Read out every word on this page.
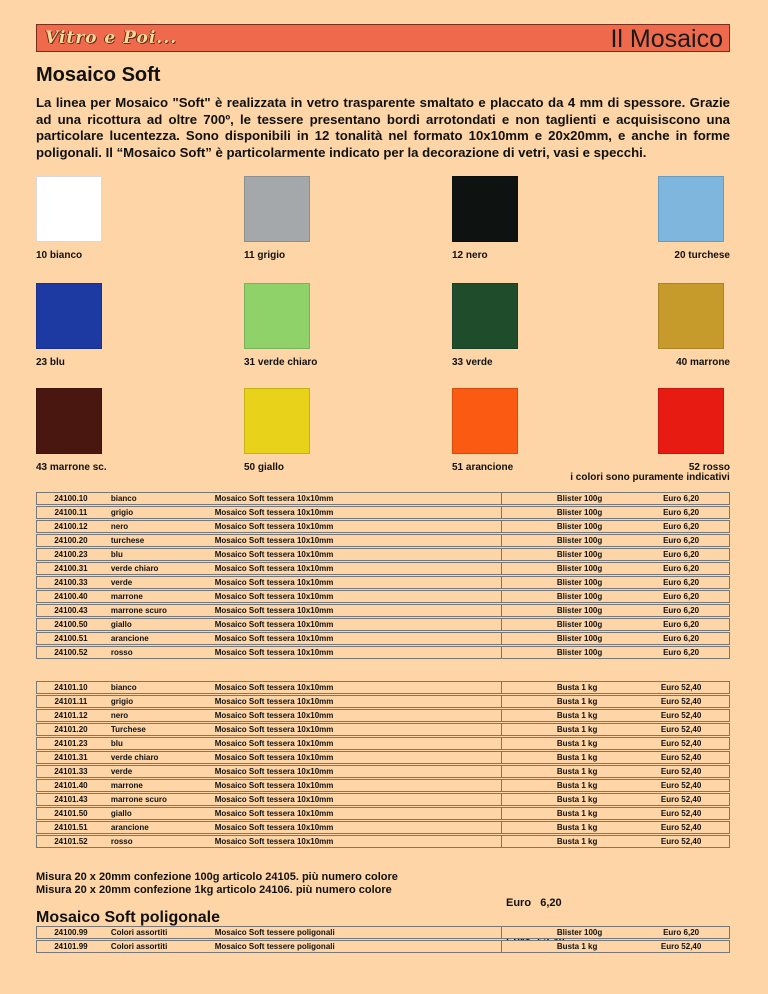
Vitro e Poi...	Il Mosaico
Mosaico Soft

La linea per Mosaico "Soft" è realizzata in vetro trasparente smaltato e placcato da 4 mm di spessore. Grazie ad una ricottura ad oltre 700º, le tessere presentano bordi arrotondati e non taglienti e acquisiscono una particolare lucentezza. Sono disponibili in 12 tonalità nel formato 10x10mm e 20x20mm, e anche in forme poligonali. Il “Mosaico Soft” è particolarmente indicato per la decorazione di vetri, vasi e specchi.

10 bianco	11 grigio	12 nero	20 turchese
23 blu	31 verde chiaro	33 verde	40 marrone
43 marrone sc.	50 giallo	51 arancione	52 rosso
i colori sono puramente indicativi
24100.10	bianco	Mosaico Soft tessera 10x10mm		Blister 100g	Euro 6,20
24100.11	grigio	Mosaico Soft tessera 10x10mm		Blister 100g	Euro 6,20
24100.12	nero	Mosaico Soft tessera 10x10mm		Blister 100g	Euro 6,20
24100.20	turchese	Mosaico Soft tessera 10x10mm		Blister 100g	Euro 6,20
24100.23	blu	Mosaico Soft tessera 10x10mm		Blister 100g	Euro 6,20
24100.31	verde chiaro	Mosaico Soft tessera 10x10mm		Blister 100g	Euro 6,20
24100.33	verde	Mosaico Soft tessera 10x10mm		Blister 100g	Euro 6,20
24100.40	marrone	Mosaico Soft tessera 10x10mm		Blister 100g	Euro 6,20
24100.43	marrone scuro	Mosaico Soft tessera 10x10mm		Blister 100g	Euro 6,20
24100.50	giallo	Mosaico Soft tessera 10x10mm		Blister 100g	Euro 6,20
24100.51	arancione	Mosaico Soft tessera 10x10mm		Blister 100g	Euro 6,20
24100.52	rosso	Mosaico Soft tessera 10x10mm		Blister 100g	Euro 6,20
24101.10	bianco	Mosaico Soft tessera 10x10mm		Busta 1 kg	Euro 52,40
24101.11	grigio	Mosaico Soft tessera 10x10mm		Busta 1 kg	Euro 52,40
24101.12	nero	Mosaico Soft tessera 10x10mm		Busta 1 kg	Euro 52,40
24101.20	Turchese	Mosaico Soft tessera 10x10mm		Busta 1 kg	Euro 52,40
24101.23	blu	Mosaico Soft tessera 10x10mm		Busta 1 kg	Euro 52,40
24101.31	verde chiaro	Mosaico Soft tessera 10x10mm		Busta 1 kg	Euro 52,40
24101.33	verde	Mosaico Soft tessera 10x10mm		Busta 1 kg	Euro 52,40
24101.40	marrone	Mosaico Soft tessera 10x10mm		Busta 1 kg	Euro 52,40
24101.43	marrone scuro	Mosaico Soft tessera 10x10mm		Busta 1 kg	Euro 52,40
24101.50	giallo	Mosaico Soft tessera 10x10mm		Busta 1 kg	Euro 52,40
24101.51	arancione	Mosaico Soft tessera 10x10mm		Busta 1 kg	Euro 52,40
24101.52	rosso	Mosaico Soft tessera 10x10mm		Busta 1 kg	Euro 52,40
Misura 20 x 20mm confezione 100g articolo 24105. più numero colore
Misura 20 x 20mm confezione 1kg articolo 24106. più numero colore

Euro   6,20

Mosaico Soft poligonale
24100.99	Colori assortiti	Mosaico Soft tessere poligonali		Blister 100g	Euro 6,20
24101.99	Colori assortiti	Mosaico Soft tessere poligonali		Busta 1 kg	Euro 52,40
